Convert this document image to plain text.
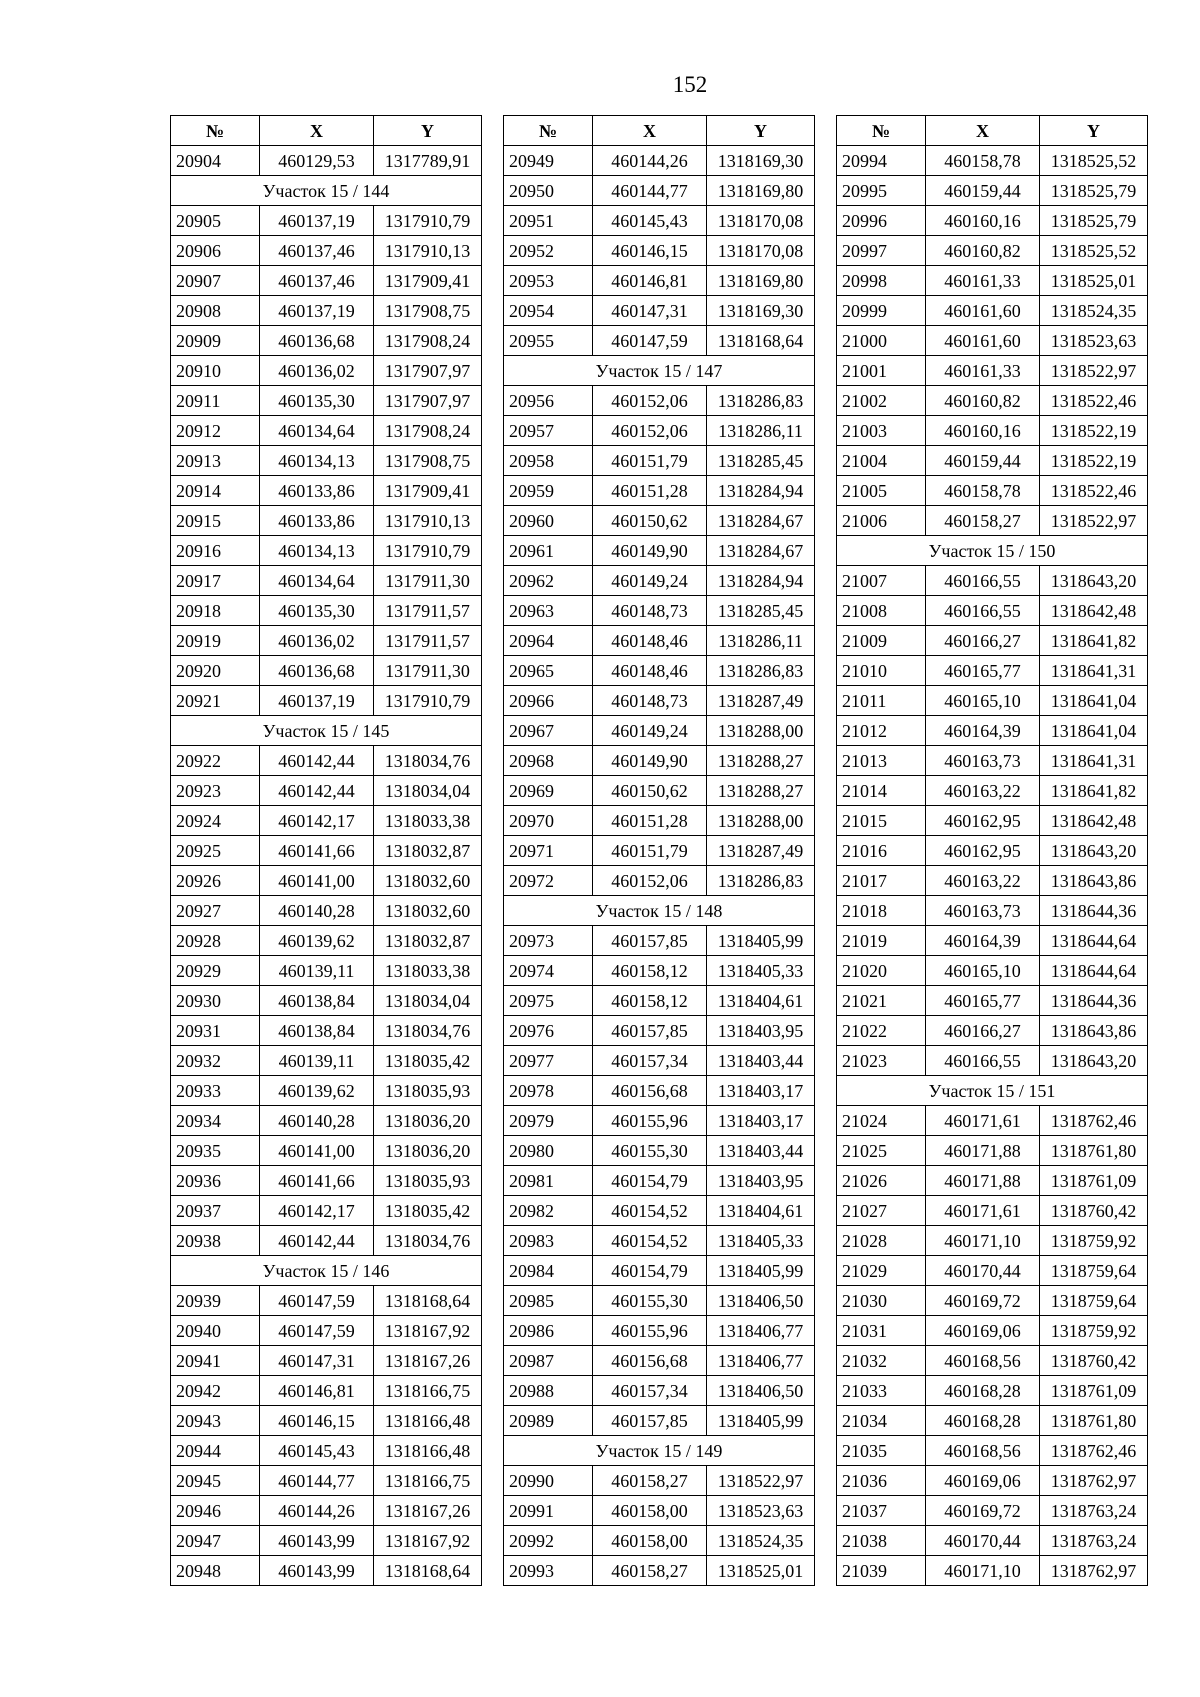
152
№	X	Y
20904	460129,53	1317789,91
Участок 15 / 144		
20905	460137,19	1317910,79
20906	460137,46	1317910,13
20907	460137,46	1317909,41
20908	460137,19	1317908,75
20909	460136,68	1317908,24
20910	460136,02	1317907,97
20911	460135,30	1317907,97
20912	460134,64	1317908,24
20913	460134,13	1317908,75
20914	460133,86	1317909,41
20915	460133,86	1317910,13
20916	460134,13	1317910,79
20917	460134,64	1317911,30
20918	460135,30	1317911,57
20919	460136,02	1317911,57
20920	460136,68	1317911,30
20921	460137,19	1317910,79
Участок 15 / 145		
20922	460142,44	1318034,76
20923	460142,44	1318034,04
20924	460142,17	1318033,38
20925	460141,66	1318032,87
20926	460141,00	1318032,60
20927	460140,28	1318032,60
20928	460139,62	1318032,87
20929	460139,11	1318033,38
20930	460138,84	1318034,04
20931	460138,84	1318034,76
20932	460139,11	1318035,42
20933	460139,62	1318035,93
20934	460140,28	1318036,20
20935	460141,00	1318036,20
20936	460141,66	1318035,93
20937	460142,17	1318035,42
20938	460142,44	1318034,76
Участок 15 / 146		
20939	460147,59	1318168,64
20940	460147,59	1318167,92
20941	460147,31	1318167,26
20942	460146,81	1318166,75
20943	460146,15	1318166,48
20944	460145,43	1318166,48
20945	460144,77	1318166,75
20946	460144,26	1318167,26
20947	460143,99	1318167,92
20948	460143,99	1318168,64
№	X	Y
20949	460144,26	1318169,30
20950	460144,77	1318169,80
20951	460145,43	1318170,08
20952	460146,15	1318170,08
20953	460146,81	1318169,80
20954	460147,31	1318169,30
20955	460147,59	1318168,64
Участок 15 / 147		
20956	460152,06	1318286,83
20957	460152,06	1318286,11
20958	460151,79	1318285,45
20959	460151,28	1318284,94
20960	460150,62	1318284,67
20961	460149,90	1318284,67
20962	460149,24	1318284,94
20963	460148,73	1318285,45
20964	460148,46	1318286,11
20965	460148,46	1318286,83
20966	460148,73	1318287,49
20967	460149,24	1318288,00
20968	460149,90	1318288,27
20969	460150,62	1318288,27
20970	460151,28	1318288,00
20971	460151,79	1318287,49
20972	460152,06	1318286,83
Участок 15 / 148		
20973	460157,85	1318405,99
20974	460158,12	1318405,33
20975	460158,12	1318404,61
20976	460157,85	1318403,95
20977	460157,34	1318403,44
20978	460156,68	1318403,17
20979	460155,96	1318403,17
20980	460155,30	1318403,44
20981	460154,79	1318403,95
20982	460154,52	1318404,61
20983	460154,52	1318405,33
20984	460154,79	1318405,99
20985	460155,30	1318406,50
20986	460155,96	1318406,77
20987	460156,68	1318406,77
20988	460157,34	1318406,50
20989	460157,85	1318405,99
Участок 15 / 149		
20990	460158,27	1318522,97
20991	460158,00	1318523,63
20992	460158,00	1318524,35
20993	460158,27	1318525,01
№	X	Y
20994	460158,78	1318525,52
20995	460159,44	1318525,79
20996	460160,16	1318525,79
20997	460160,82	1318525,52
20998	460161,33	1318525,01
20999	460161,60	1318524,35
21000	460161,60	1318523,63
21001	460161,33	1318522,97
21002	460160,82	1318522,46
21003	460160,16	1318522,19
21004	460159,44	1318522,19
21005	460158,78	1318522,46
21006	460158,27	1318522,97
Участок 15 / 150		
21007	460166,55	1318643,20
21008	460166,55	1318642,48
21009	460166,27	1318641,82
21010	460165,77	1318641,31
21011	460165,10	1318641,04
21012	460164,39	1318641,04
21013	460163,73	1318641,31
21014	460163,22	1318641,82
21015	460162,95	1318642,48
21016	460162,95	1318643,20
21017	460163,22	1318643,86
21018	460163,73	1318644,36
21019	460164,39	1318644,64
21020	460165,10	1318644,64
21021	460165,77	1318644,36
21022	460166,27	1318643,86
21023	460166,55	1318643,20
Участок 15 / 151		
21024	460171,61	1318762,46
21025	460171,88	1318761,80
21026	460171,88	1318761,09
21027	460171,61	1318760,42
21028	460171,10	1318759,92
21029	460170,44	1318759,64
21030	460169,72	1318759,64
21031	460169,06	1318759,92
21032	460168,56	1318760,42
21033	460168,28	1318761,09
21034	460168,28	1318761,80
21035	460168,56	1318762,46
21036	460169,06	1318762,97
21037	460169,72	1318763,24
21038	460170,44	1318763,24
21039	460171,10	1318762,97
